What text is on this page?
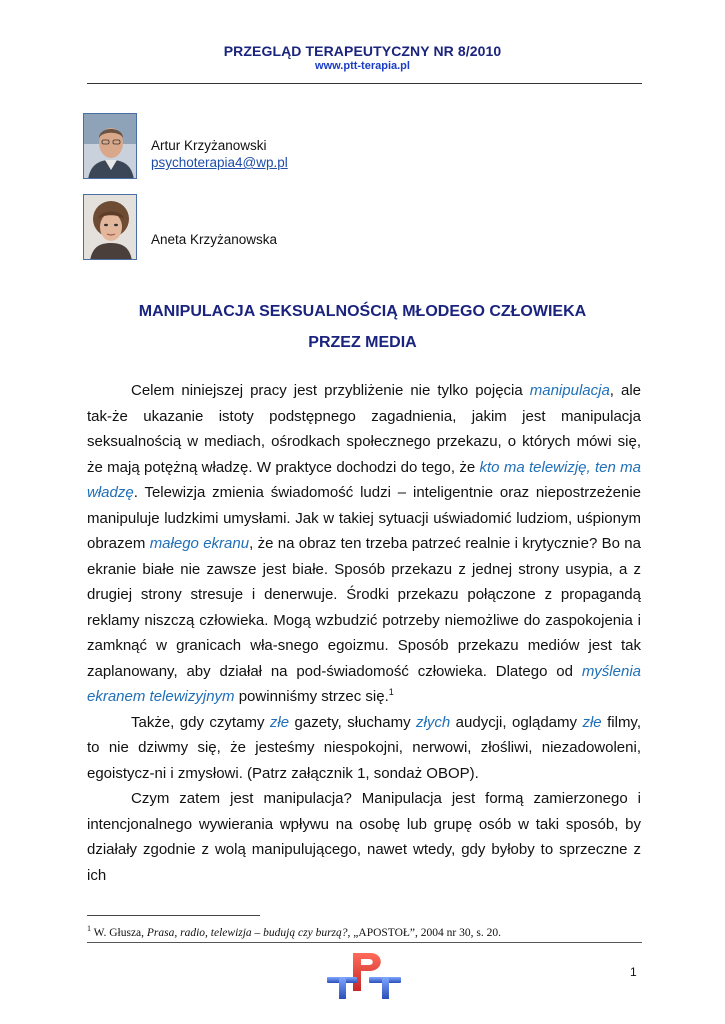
PRZEGLĄD TERAPEUTYCZNY NR 8/2010
www.ptt-terapia.pl
Artur Krzyżanowski
psychoterapia4@wp.pl
Aneta Krzyżanowska
MANIPULACJA SEKSUALNOŚCIĄ MŁODEGO CZŁOWIEKA
PRZEZ MEDIA

Celem niniejszej pracy jest przybliżenie nie tylko pojęcia manipulacja, ale tak-że ukazanie istoty podstępnego zagadnienia, jakim jest manipulacja seksualnością w mediach, ośrodkach społecznego przekazu, o których mówi się, że mają potężną władzę. W praktyce dochodzi do tego, że kto ma telewizję, ten ma władzę. Telewizja zmienia świadomość ludzi – inteligentnie oraz niepostrzeżenie manipuluje ludzkimi umysłami. Jak w takiej sytuacji uświadomić ludziom, uśpionym obrazem małego ekranu, że na obraz ten trzeba patrzeć realnie i krytycznie? Bo na ekranie białe nie zawsze jest białe. Sposób przekazu z jednej strony usypia, a z drugiej strony stresuje i denerwuje. Środki przekazu połączone z propagandą reklamy niszczą człowieka. Mogą wzbudzić potrzeby niemożliwe do zaspokojenia i zamknąć w granicach wła-snego egoizmu. Sposób przekazu mediów jest tak zaplanowany, aby działał na pod-świadomość człowieka. Dlatego od myślenia ekranem telewizyjnym powinniśmy strzec się.$^1$

Także, gdy czytamy złe gazety, słuchamy złych audycji, oglądamy złe filmy, to nie dziwmy się, że jesteśmy niespokojni, nerwowi, złośliwi, niezadowoleni, egoistycz-ni i zmysłowi. (Patrz załącznik 1, sondaż OBOP).

Czym zatem jest manipulacja? Manipulacja jest formą zamierzonego i intencjonalnego wywierania wpływu na osobę lub grupę osób w taki sposób, by działały zgodnie z wolą manipulującego, nawet wtedy, gdy byłoby to sprzeczne z ich

$^1$ W. Głusza, Prasa, radio, telewizja – budują czy burzą?, „APOSTOŁ”, 2004 nr 30, s. 20.
1
